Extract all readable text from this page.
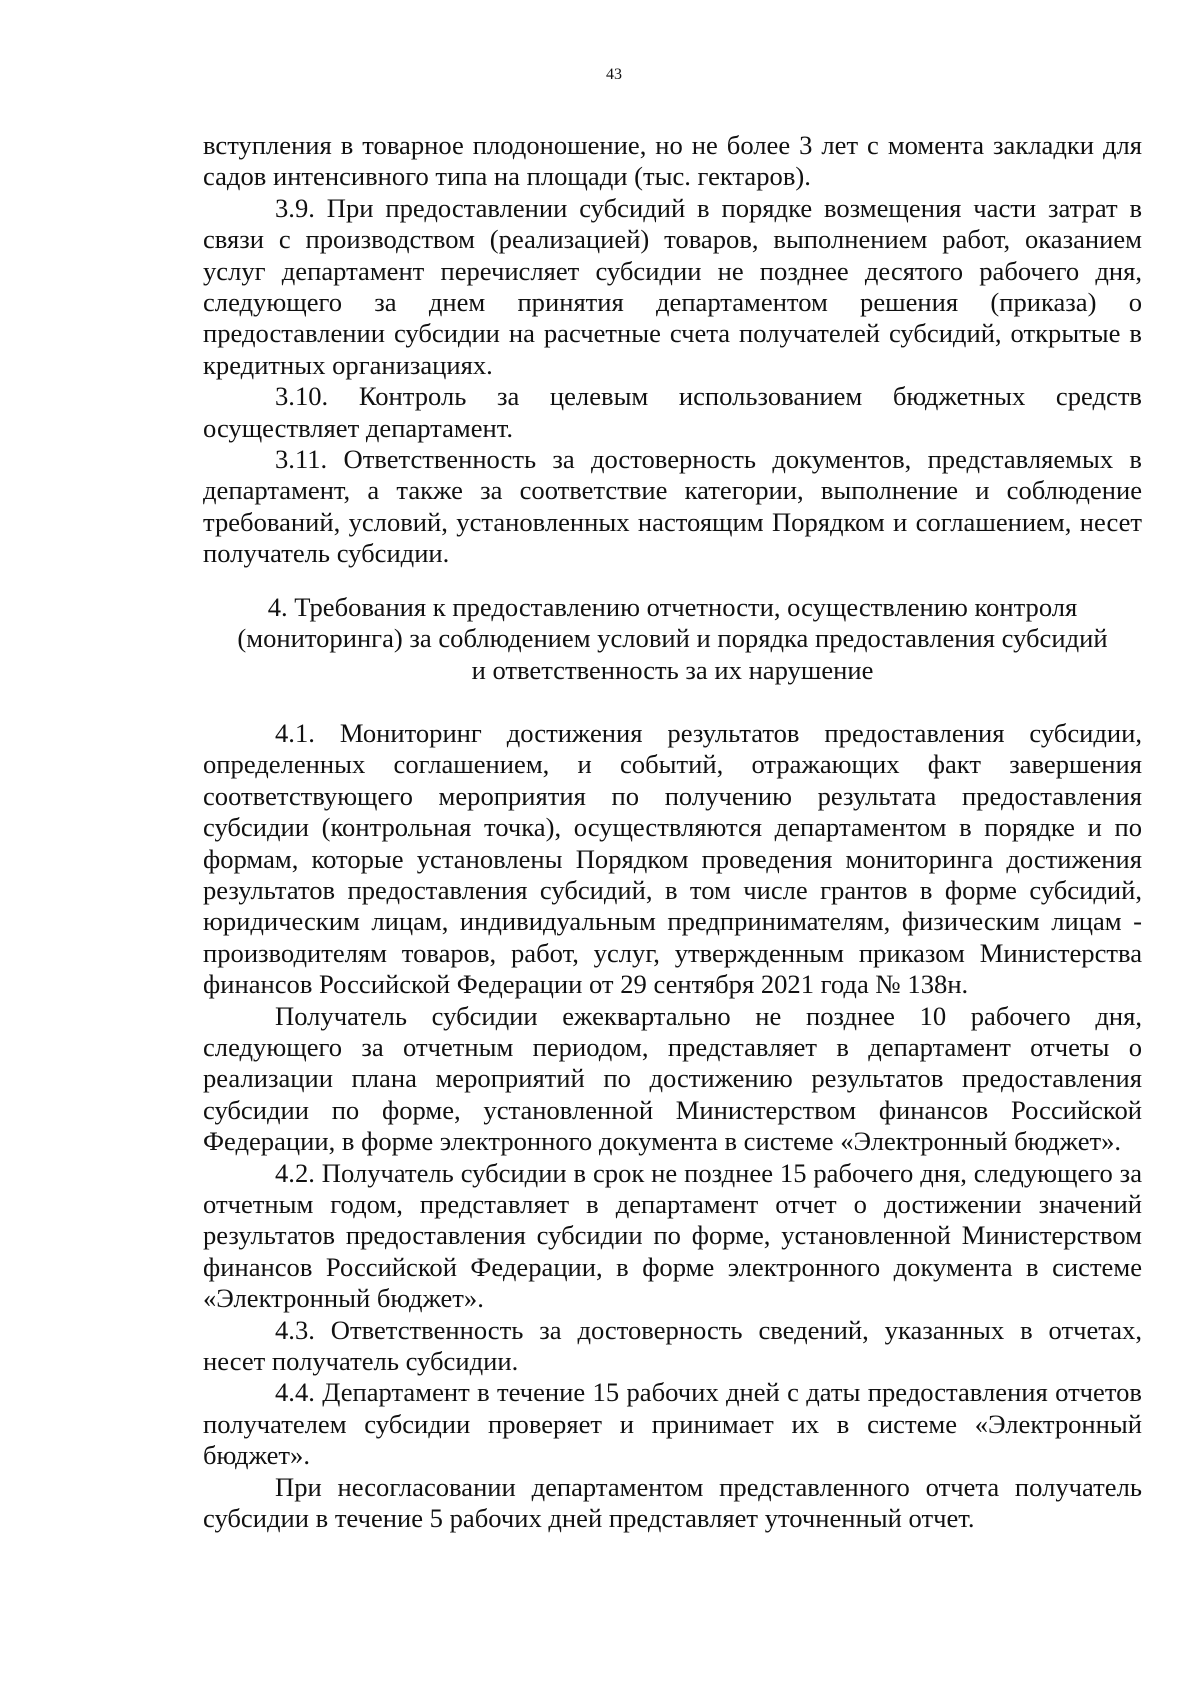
43

вступления в товарное плодоношение, но не более 3 лет с момента закладки для садов интенсивного типа на площади (тыс. гектаров).

3.9. При предоставлении субсидий в порядке возмещения части затрат в связи с производством (реализацией) товаров, выполнением работ, оказанием услуг департамент перечисляет субсидии не позднее десятого рабочего дня, следующего за днем принятия департаментом решения (приказа) о предоставлении субсидии на расчетные счета получателей субсидий, открытые в кредитных организациях.

3.10. Контроль за целевым использованием бюджетных средств осуществляет департамент.

3.11. Ответственность за достоверность документов, представляемых в департамент, а также за соответствие категории, выполнение и соблюдение требований, условий, установленных настоящим Порядком и соглашением, несет получатель субсидии.

4. Требования к предоставлению отчетности, осуществлению контроля
(мониторинга) за соблюдением условий и порядка предоставления субсидий
и ответственность за их нарушение

4.1. Мониторинг достижения результатов предоставления субсидии, определенных соглашением, и событий, отражающих факт завершения соответствующего мероприятия по получению результата предоставления субсидии (контрольная точка), осуществляются департаментом в порядке и по формам, которые установлены Порядком проведения мониторинга достижения результатов предоставления субсидий, в том числе грантов в форме субсидий, юридическим лицам, индивидуальным предпринимателям, физическим лицам - производителям товаров, работ, услуг, утвержденным приказом Министерства финансов Российской Федерации от 29 сентября 2021 года № 138н.

Получатель субсидии ежеквартально не позднее 10 рабочего дня, следующего за отчетным периодом, представляет в департамент отчеты о реализации плана мероприятий по достижению результатов предоставления субсидии по форме, установленной Министерством финансов Российской Федерации, в форме электронного документа в системе «Электронный бюджет».

4.2. Получатель субсидии в срок не позднее 15 рабочего дня, следующего за отчетным годом, представляет в департамент отчет о достижении значений результатов предоставления субсидии по форме, установленной Министерством финансов Российской Федерации, в форме электронного документа в системе «Электронный бюджет».

4.3. Ответственность за достоверность сведений, указанных в отчетах, несет получатель субсидии.

4.4. Департамент в течение 15 рабочих дней с даты предоставления отчетов получателем субсидии проверяет и принимает их в системе «Электронный бюджет».

При несогласовании департаментом представленного отчета получатель субсидии в течение 5 рабочих дней представляет уточненный отчет.
